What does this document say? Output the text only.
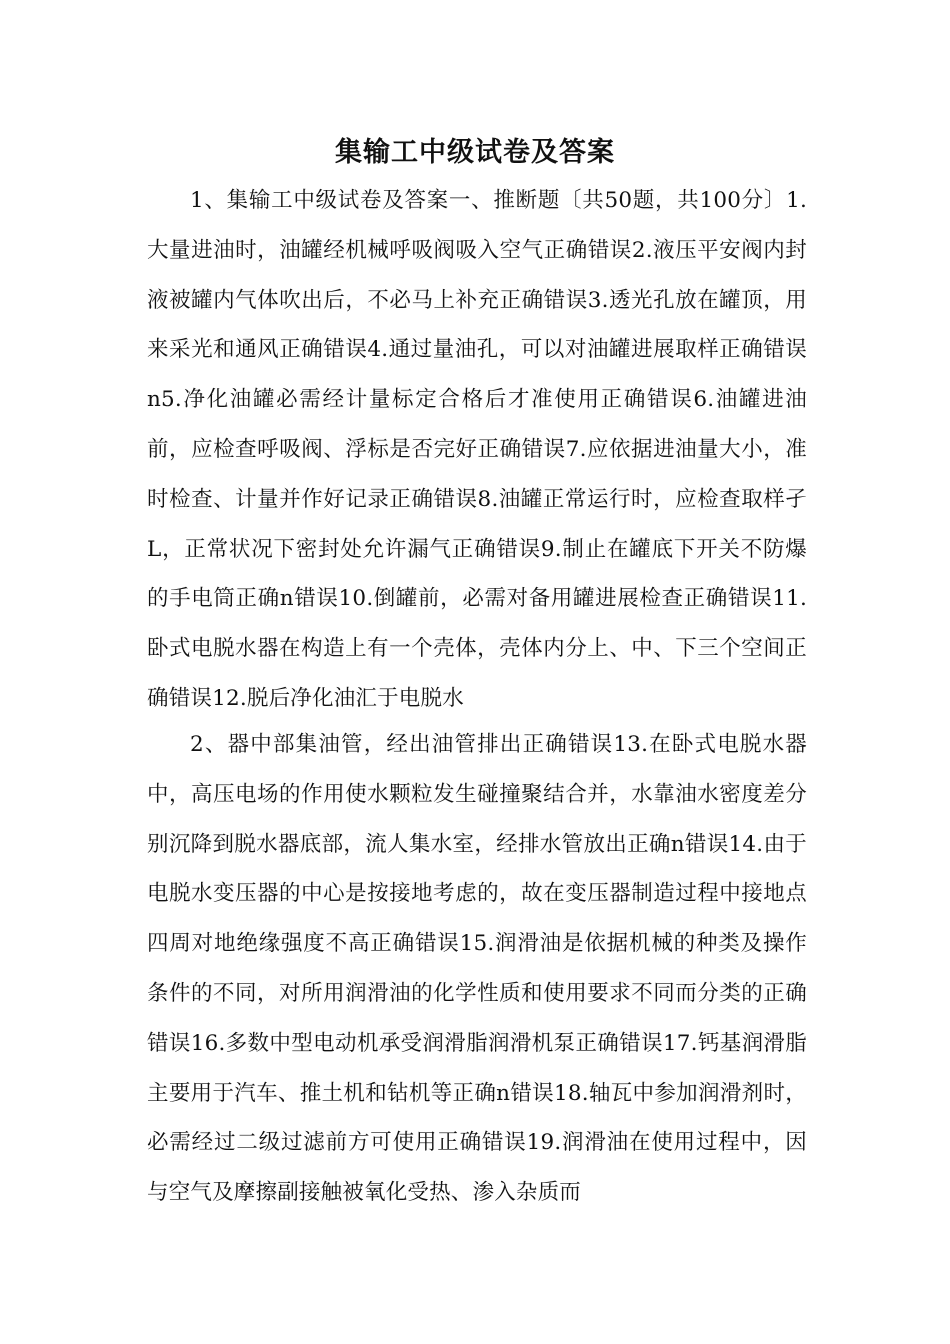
集输工中级试卷及答案
1、集输工中级试卷及答案一、推断题〔共50题，共100分〕1.大量进油时，油罐经机械呼吸阀吸入空气正确错误2.液压平安阀内封液被罐内气体吹出后，不必马上补充正确错误3.透光孔放在罐顶，用来采光和通风正确错误4.通过量油孔，可以对油罐进展取样正确错误n5.净化油罐必需经计量标定合格后才准使用正确错误6.油罐进油前，应检查呼吸阀、浮标是否完好正确错误7.应依据进油量大小，准时检查、计量并作好记录正确错误8.油罐正常运行时，应检查取样孑L，正常状况下密封处允许漏气正确错误9.制止在罐底下开关不防爆的手电筒正确n错误10.倒罐前，必需对备用罐进展检查正确错误11.卧式电脱水器在构造上有一个壳体，壳体内分上、中、下三个空间正确错误12.脱后净化油汇于电脱水
2、器中部集油管，经出油管排出正确错误13.在卧式电脱水器中，高压电场的作用使水颗粒发生碰撞聚结合并，水靠油水密度差分别沉降到脱水器底部，流人集水室，经排水管放出正确n错误14.由于电脱水变压器的中心是按接地考虑的，故在变压器制造过程中接地点四周对地绝缘强度不高正确错误15.润滑油是依据机械的种类及操作条件的不同，对所用润滑油的化学性质和使用要求不同而分类的正确错误16.多数中型电动机承受润滑脂润滑机泵正确错误17.钙基润滑脂主要用于汽车、推土机和钻机等正确n错误18.轴瓦中参加润滑剂时，必需经过二级过滤前方可使用正确错误19.润滑油在使用过程中，因与空气及摩擦副接触被氧化受热、渗入杂质而
